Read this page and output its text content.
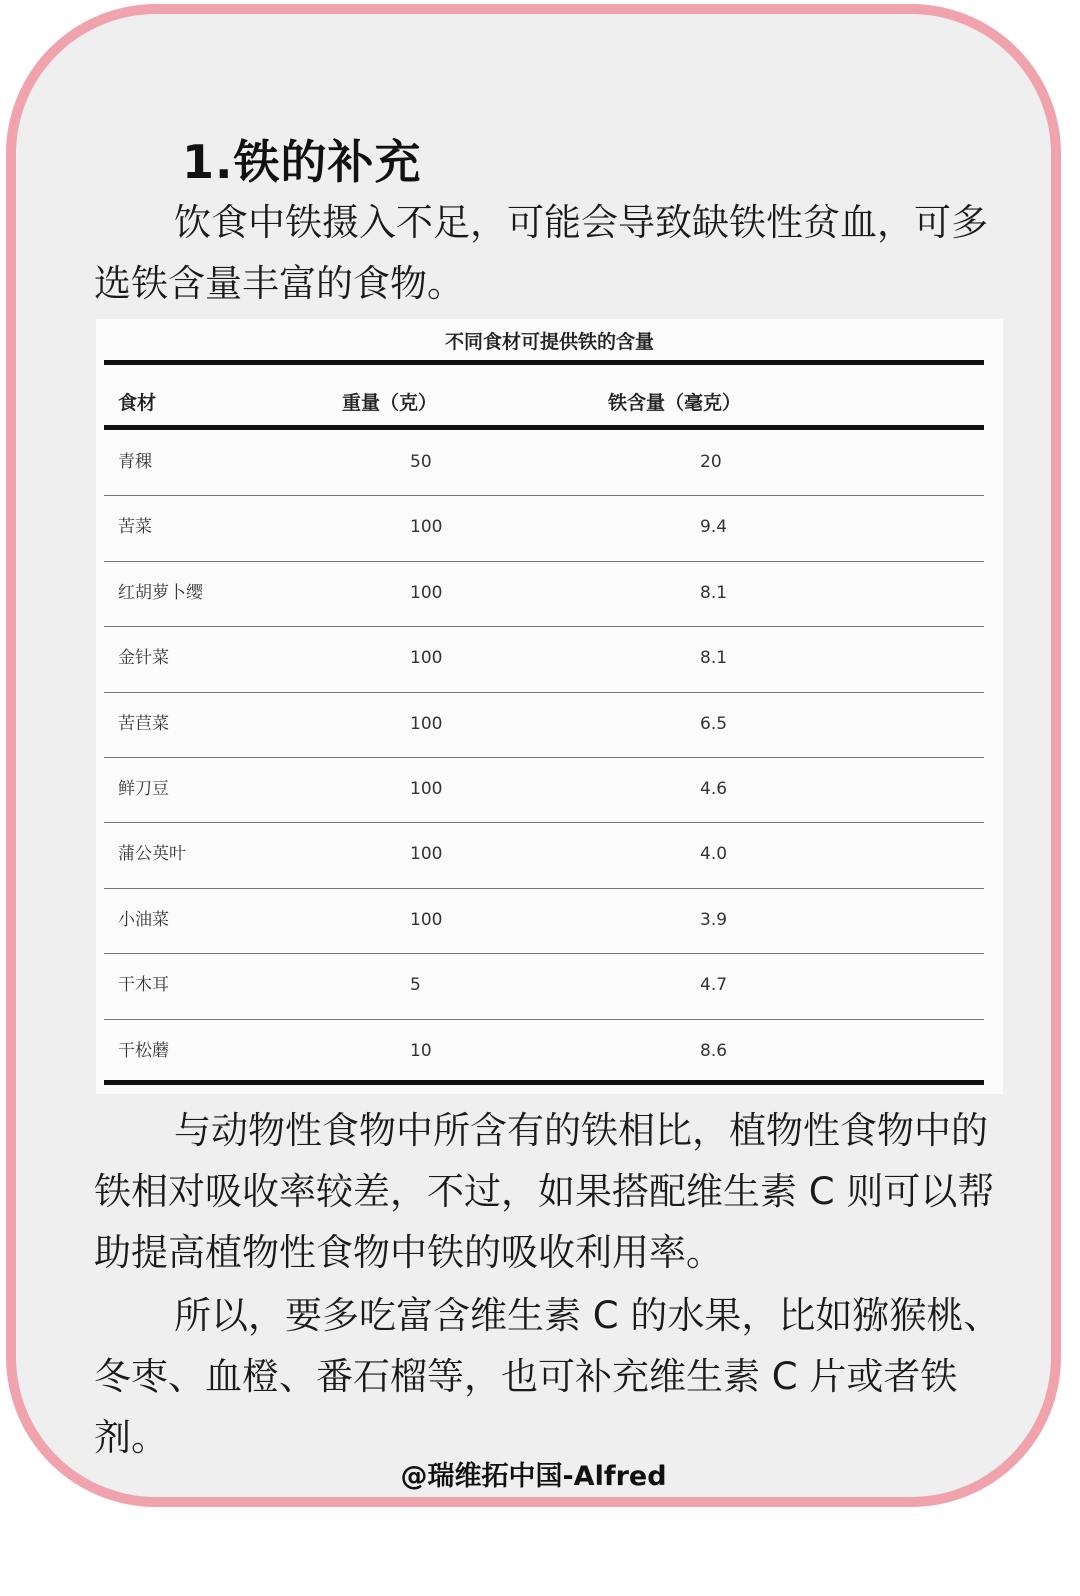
1.铁的补充

饮食中铁摄入不足，可能会导致缺铁性贫血，可多选铁含量丰富的食物。

不同食材可提供铁的含量
食材	重量（克）	铁含量（毫克）
青稞	50	20
苦菜	100	9.4
红胡萝卜缨	100	8.1
金针菜	100	8.1
苦苣菜	100	6.5
鲜刀豆	100	4.6
蒲公英叶	100	4.0
小油菜	100	3.9
干木耳	5	4.7
干松蘑	10	8.6

与动物性食物中所含有的铁相比，植物性食物中的铁相对吸收率较差，不过，如果搭配维生素 C 则可以帮助提高植物性食物中铁的吸收利用率。

所以，要多吃富含维生素 C 的水果，比如猕猴桃、冬枣、血橙、番石榴等，也可补充维生素 C 片或者铁剂。

@瑞维拓中国-Alfred
